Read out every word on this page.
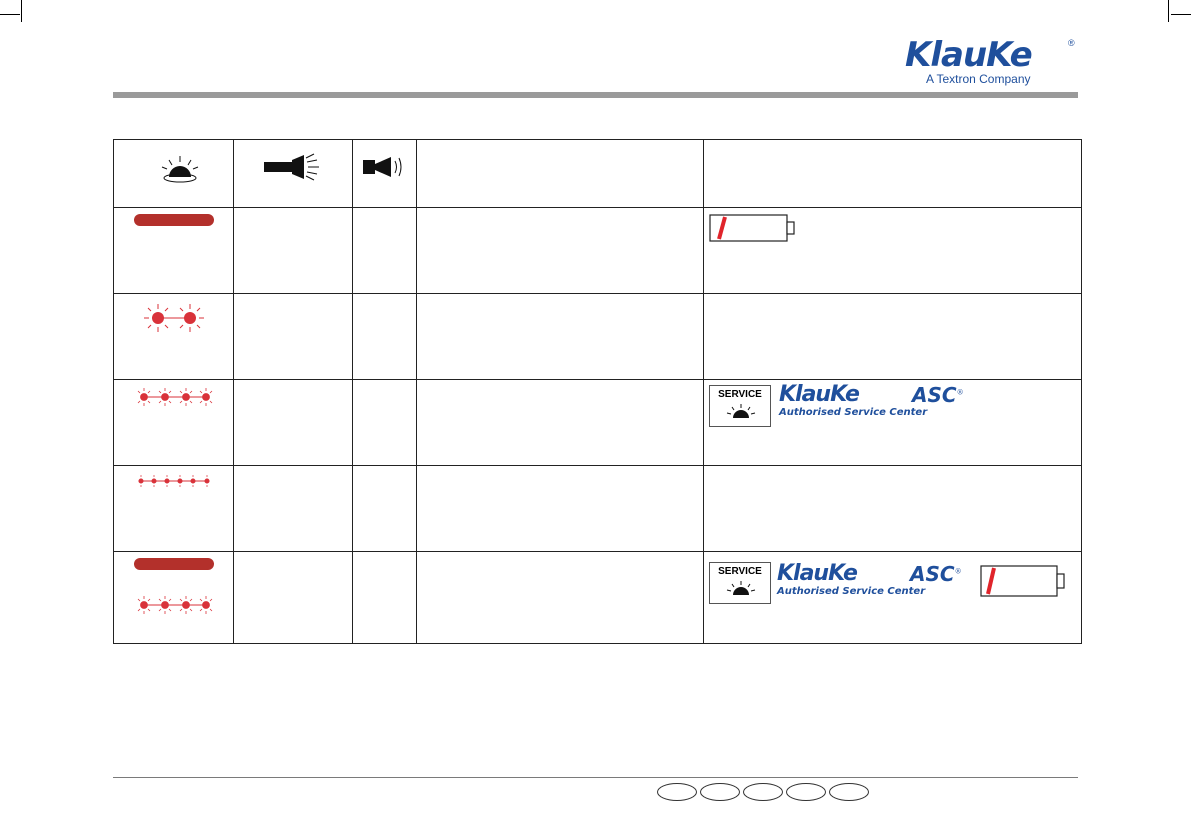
KlauKe	®
A Textron Company

SERVICE KlauKe ASC®
Authorised Service Center

SERVICE KlauKe ASC®
Authorised Service Center
